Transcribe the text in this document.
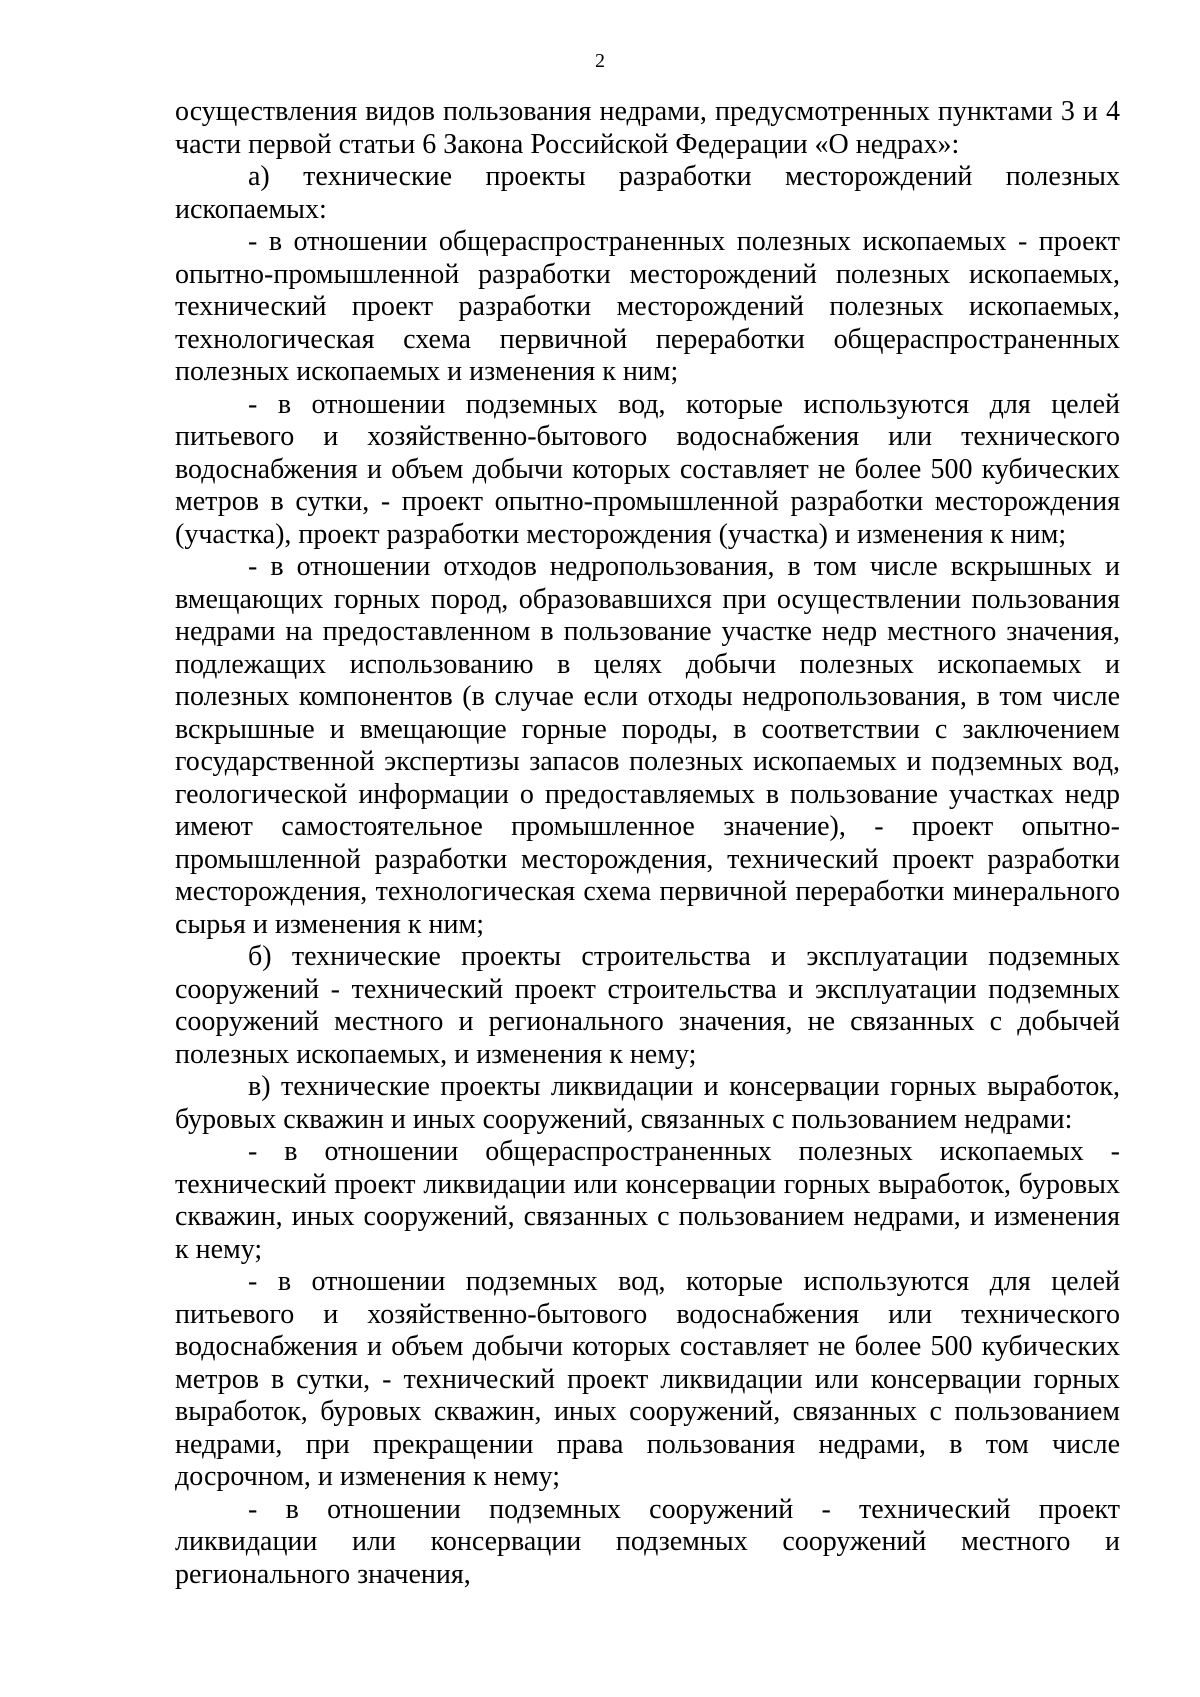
2

осуществления видов пользования недрами, предусмотренных пунктами 3 и 4 части первой статьи 6 Закона Российской Федерации «О недрах»:

а) технические проекты разработки месторождений полезных ископаемых:

- в отношении общераспространенных полезных ископаемых - проект опытно-промышленной разработки месторождений полезных ископаемых, технический проект разработки месторождений полезных ископаемых, технологическая схема первичной переработки общераспространенных полезных ископаемых и изменения к ним;

- в отношении подземных вод, которые используются для целей питьевого и хозяйственно-бытового водоснабжения или технического водоснабжения и объем добычи которых составляет не более 500 кубических метров в сутки, - проект опытно-промышленной разработки месторождения (участка), проект разработки месторождения (участка) и изменения к ним;

- в отношении отходов недропользования, в том числе вскрышных и вмещающих горных пород, образовавшихся при осуществлении пользования недрами на предоставленном в пользование участке недр местного значения, подлежащих использованию в целях добычи полезных ископаемых и полезных компонентов (в случае если отходы недропользования, в том числе вскрышные и вмещающие горные породы, в соответствии с заключением государственной экспертизы запасов полезных ископаемых и подземных вод, геологической информации о предоставляемых в пользование участках недр имеют самостоятельное промышленное значение), - проект опытно-промышленной разработки месторождения, технический проект разработки месторождения, технологическая схема первичной переработки минерального сырья и изменения к ним;

б) технические проекты строительства и эксплуатации подземных сооружений - технический проект строительства и эксплуатации подземных сооружений местного и регионального значения, не связанных с добычей полезных ископаемых, и изменения к нему;

в) технические проекты ликвидации и консервации горных выработок, буровых скважин и иных сооружений, связанных с пользованием недрами:

- в отношении общераспространенных полезных ископаемых - технический проект ликвидации или консервации горных выработок, буровых скважин, иных сооружений, связанных с пользованием недрами, и изменения к нему;

- в отношении подземных вод, которые используются для целей питьевого и хозяйственно-бытового водоснабжения или технического водоснабжения и объем добычи которых составляет не более 500 кубических метров в сутки, - технический проект ликвидации или консервации горных выработок, буровых скважин, иных сооружений, связанных с пользованием недрами, при прекращении права пользования недрами, в том числе досрочном, и изменения к нему;

- в отношении подземных сооружений - технический проект ликвидации или консервации подземных сооружений местного и регионального значения,
